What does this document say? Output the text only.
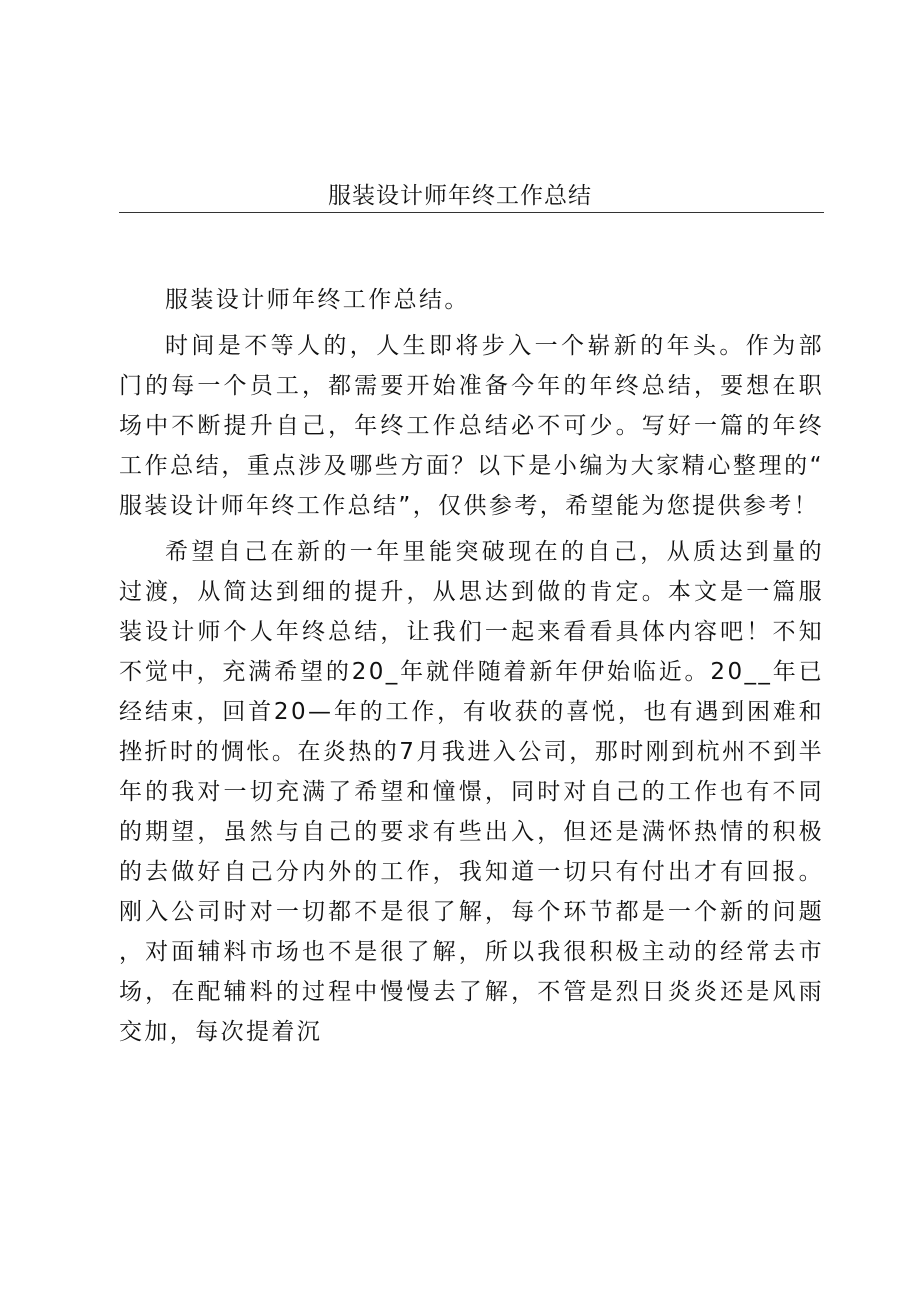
服装设计师年终工作总结

服装设计师年终工作总结。

时间是不等人的，人生即将步入一个崭新的年头。作为部门的每一个员工，都需要开始准备今年的年终总结，要想在职场中不断提升自己，年终工作总结必不可少。写好一篇的年终工作总结，重点涉及哪些方面？以下是小编为大家精心整理的“服装设计师年终工作总结”，仅供参考，希望能为您提供参考！

希望自己在新的一年里能突破现在的自己，从质达到量的过渡，从简达到细的提升，从思达到做的肯定。本文是一篇服装设计师个人年终总结，让我们一起来看看具体内容吧！不知不觉中，充满希望的20_年就伴随着新年伊始临近。20__年已经结束，回首20—年的工作，有收获的喜悦，也有遇到困难和挫折时的惆怅。在炎热的7月我进入公司，那时刚到杭州不到半年的我对一切充满了希望和憧憬，同时对自己的工作也有不同的期望，虽然与自己的要求有些出入，但还是满怀热情的积极的去做好自己分内外的工作，我知道一切只有付出才有回报。刚入公司时对一切都不是很了解，每个环节都是一个新的问题，对面辅料市场也不是很了解，所以我很积极主动的经常去市场，在配辅料的过程中慢慢去了解，不管是烈日炎炎还是风雨交加，每次提着沉
